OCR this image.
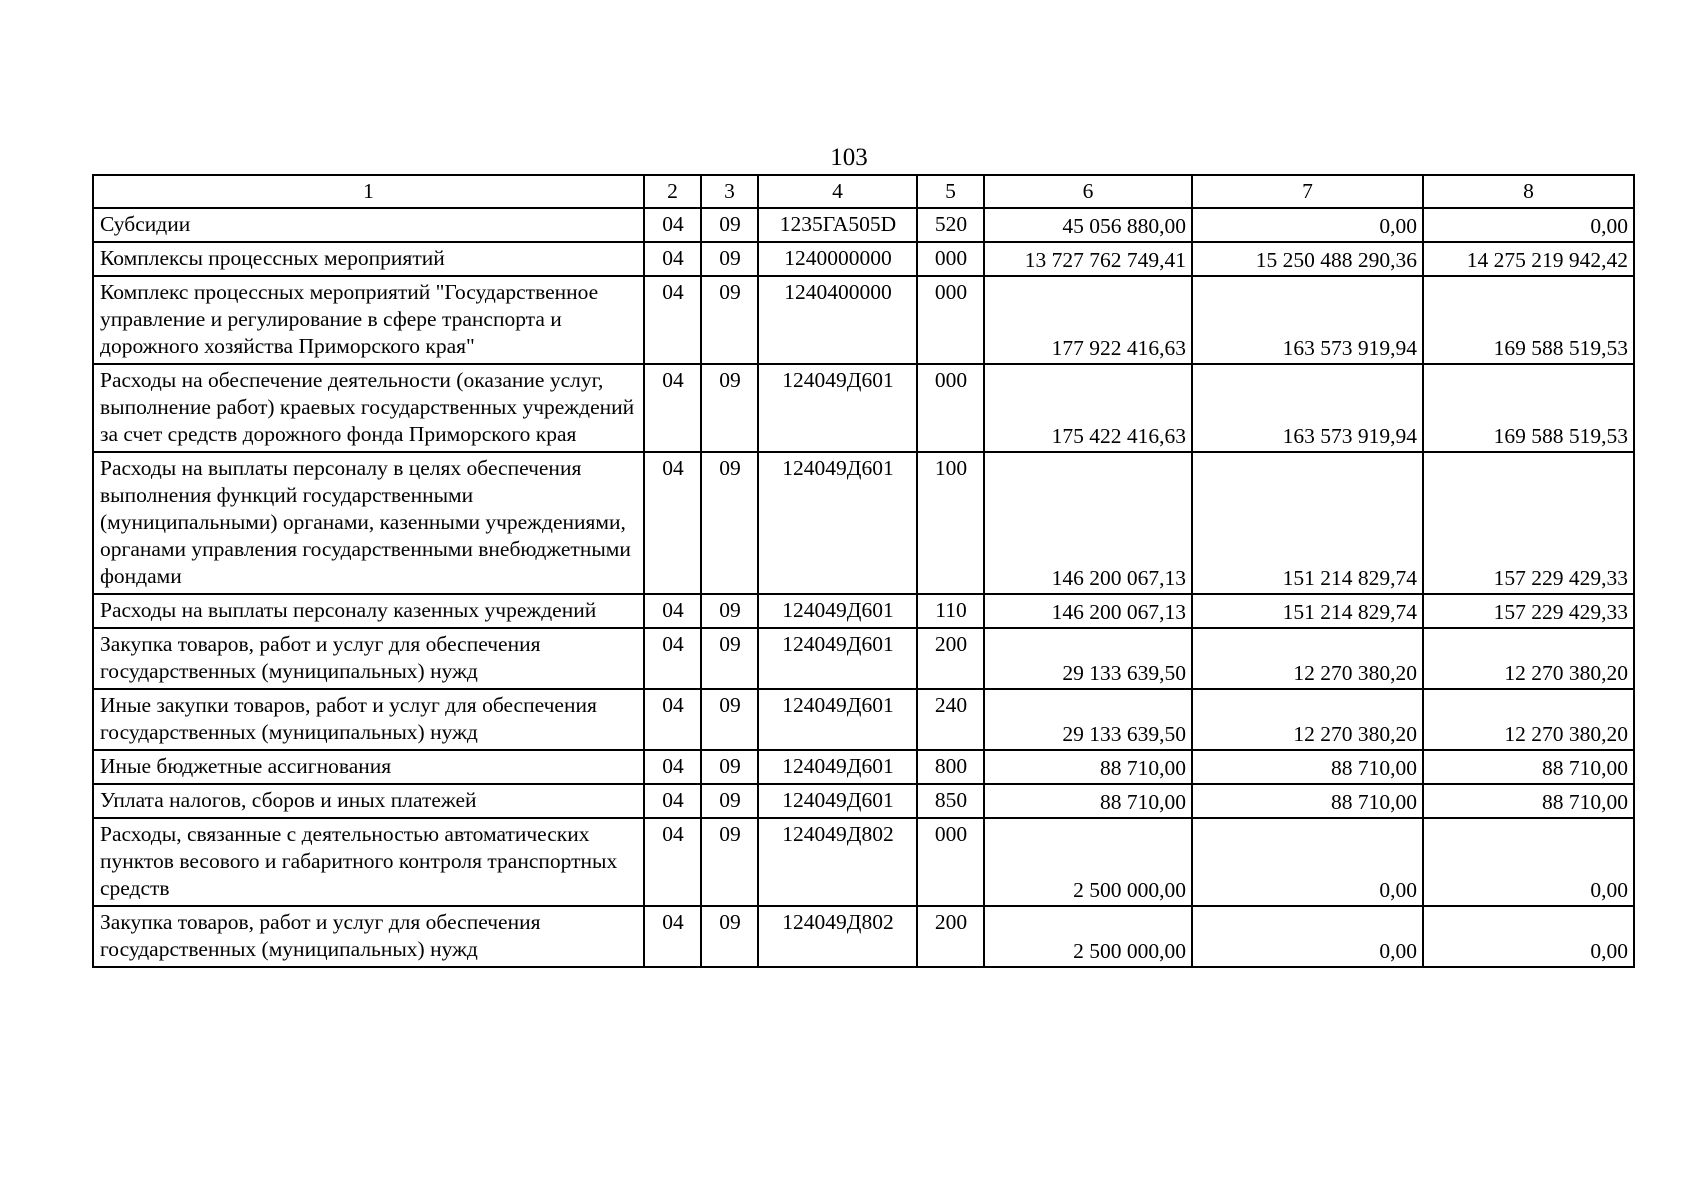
103
1	2	3	4	5	6	7	8
Субсидии	04	09	1235ГА505D	520	45 056 880,00	0,00	0,00
Комплексы процессных мероприятий	04	09	1240000000	000	13 727 762 749,41	15 250 488 290,36	14 275 219 942,42
Комплекс процессных мероприятий "Государственное управление и регулирование в сфере транспорта и дорожного хозяйства Приморского края"	04	09	1240400000	000	177 922 416,63	163 573 919,94	169 588 519,53
Расходы на обеспечение деятельности (оказание услуг, выполнение работ) краевых государственных учреждений за счет средств дорожного фонда Приморского края	04	09	124049Д601	000	175 422 416,63	163 573 919,94	169 588 519,53
Расходы на выплаты персоналу в целях обеспечения выполнения функций государственными (муниципальными) органами, казенными учреждениями, органами управления государственными внебюджетными фондами	04	09	124049Д601	100	146 200 067,13	151 214 829,74	157 229 429,33
Расходы на выплаты персоналу казенных учреждений	04	09	124049Д601	110	146 200 067,13	151 214 829,74	157 229 429,33
Закупка товаров, работ и услуг для обеспечения государственных (муниципальных) нужд	04	09	124049Д601	200	29 133 639,50	12 270 380,20	12 270 380,20
Иные закупки товаров, работ и услуг для обеспечения государственных (муниципальных) нужд	04	09	124049Д601	240	29 133 639,50	12 270 380,20	12 270 380,20
Иные бюджетные ассигнования	04	09	124049Д601	800	88 710,00	88 710,00	88 710,00
Уплата налогов, сборов и иных платежей	04	09	124049Д601	850	88 710,00	88 710,00	88 710,00
Расходы, связанные с деятельностью автоматических пунктов весового и габаритного контроля транспортных средств	04	09	124049Д802	000	2 500 000,00	0,00	0,00
Закупка товаров, работ и услуг для обеспечения государственных (муниципальных) нужд	04	09	124049Д802	200	2 500 000,00	0,00	0,00
